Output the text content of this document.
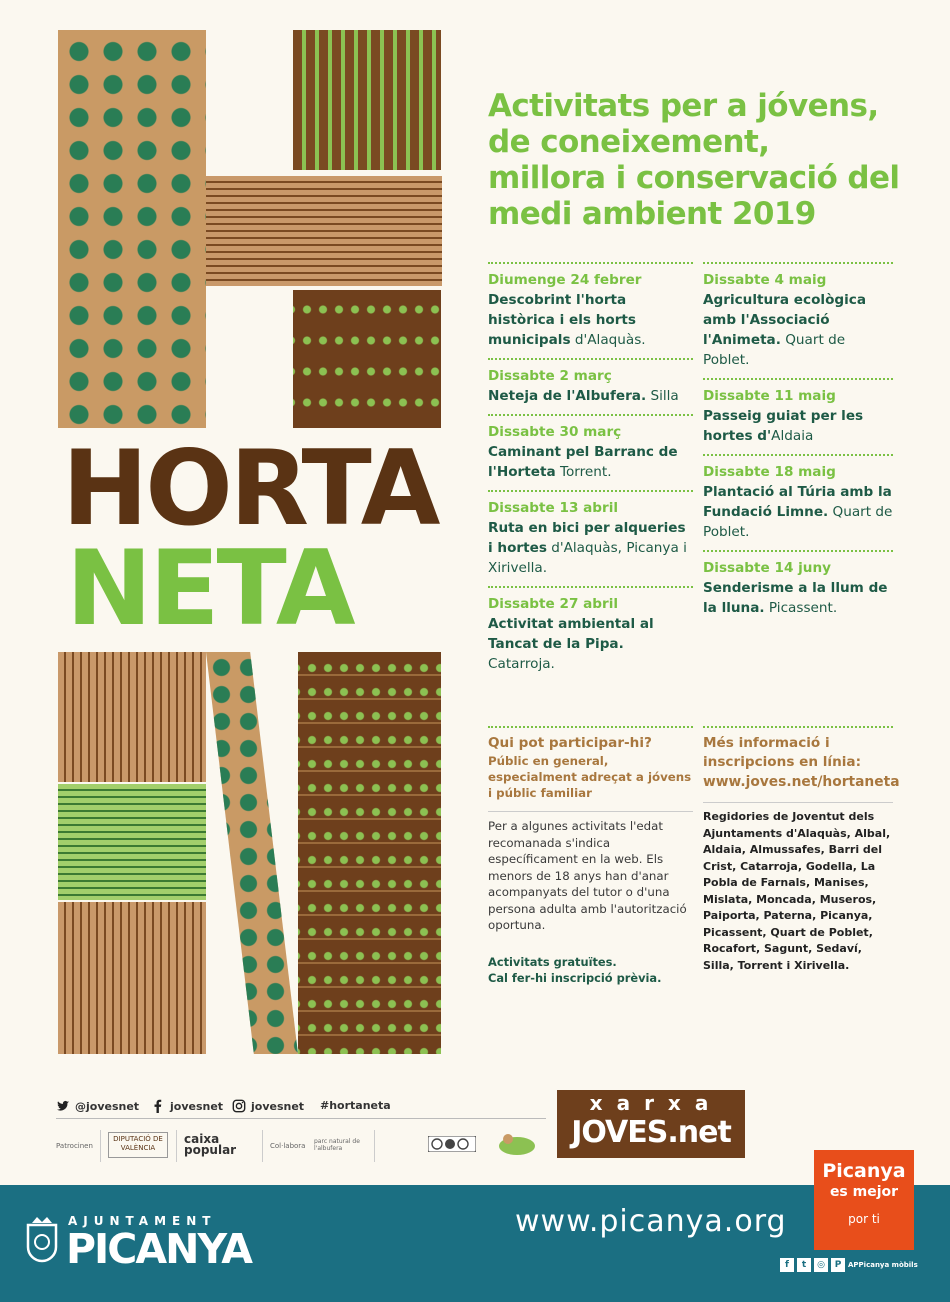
HORTA
NETA
Activitats per a jóvens,
de coneixement,
millora i conservació del
medi ambient 2019
Diumenge 24 febrer
Descobrint l'horta històrica i els horts municipals d'Alaquàs.
Dissabte 2 març
Neteja de l'Albufera. Silla
Dissabte 30 març
Caminant pel Barranc de l'Horteta Torrent.
Dissabte 13 abril
Ruta en bici per alqueries i hortes d'Alaquàs, Picanya i Xirivella.
Dissabte 27 abril
Activitat ambiental al Tancat de la Pipa. Catarroja.
Dissabte 4 maig
Agricultura ecològica amb l'Associació l'Animeta. Quart de Poblet.
Dissabte 11 maig
Passeig guiat per les hortes d'Aldaia
Dissabte 18 maig
Plantació al Túria amb la Fundació Limne. Quart de Poblet.
Dissabte 14 juny
Senderisme a la llum de la lluna. Picassent.
Qui pot participar-hi?
Públic en general, especialment adreçat a jóvens i públic familiar
Per a algunes activitats l'edat recomanada s'indica específicament en la web. Els menors de 18 anys han d'anar acompanyats del tutor o d'una persona adulta amb l'autorització oportuna.
Activitats gratuïtes.
Cal fer-hi inscripció prèvia.
Més informació i inscripcions en línia:
www.joves.net/hortaneta
Regidories de Joventut dels Ajuntaments d'Alaquàs, Albal, Aldaia, Almussafes, Barri del Crist, Catarroja, Godella, La Pobla de Farnals, Manises, Mislata, Moncada, Museros, Paiporta, Paterna, Picanya, Picassent, Quart de Poblet, Rocafort, Sagunt, Sedaví, Silla, Torrent i Xirivella.
@jovesnet	jovesnet	jovesnet #hortaneta
Patrocinen
DIPUTACIÓ DE VALÈNCIA
caixa popular	Col·labora
parc natural de l'albufera
xarxa
JOVES.net
AJUNTAMENT
PICANYA
www.picanya.org
Picanya
es mejor
por ti
f t ◎ P APPicanya mòbils
